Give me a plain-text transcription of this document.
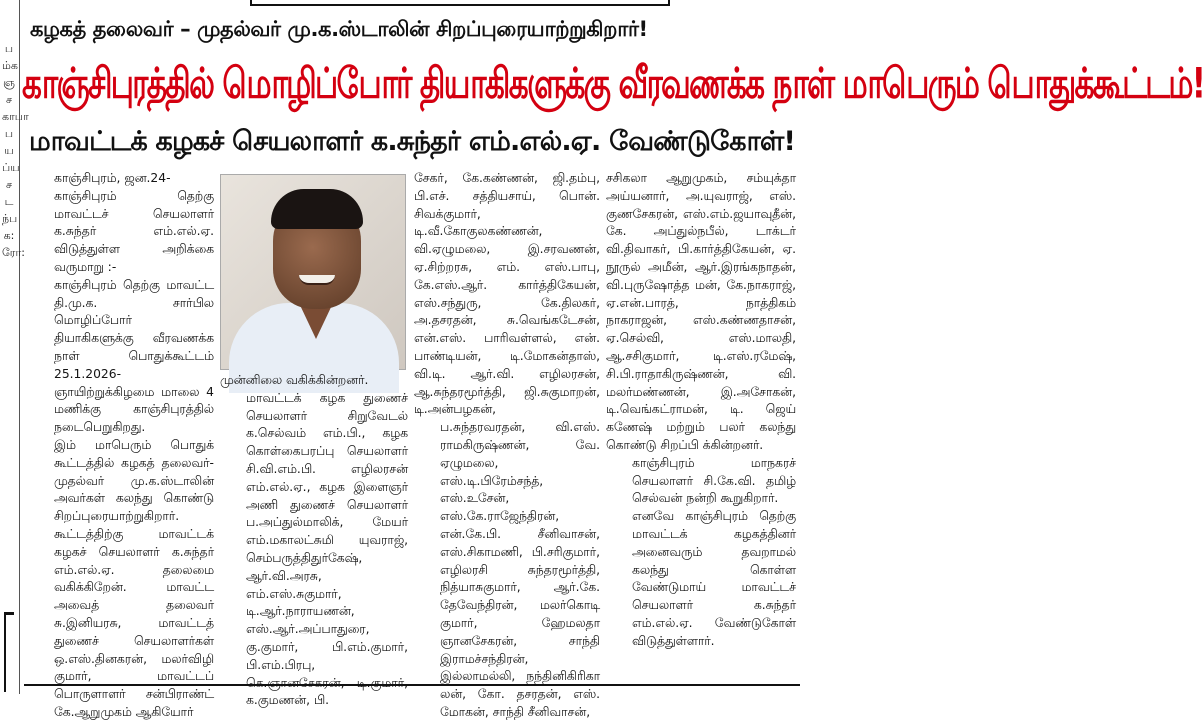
பம்கஞசகாபாபயப்யசடந்பக:ரோ:
கழகத் தலைவர் – முதல்வர் மு.க.ஸ்டாலின் சிறப்புரையாற்றுகிறார்!
காஞ்சிபுரத்தில் மொழிப்போர் தியாகிகளுக்கு வீரவணக்க நாள் மாபெரும் பொதுக்கூட்டம்!
மாவட்டக் கழகச் செயலாளர் க.சுந்தர் எம்.எல்.ஏ. வேண்டுகோள்!

காஞ்சிபுரம், ஜன.24-

காஞ்சிபுரம் தெற்கு மாவட்டச் செயலாளர் க.சுந்தர் எம்.எல்.ஏ. விடுத்துள்ள அறிக்கை வருமாறு :-

காஞ்சிபுரம் தெற்கு மாவட்ட தி.மு.க. சார்பில மொழிப்போர் தியாகிகளுக்கு வீரவணக்க நாள் பொதுக்கூட்டம் 25.1.2026-ஞாயிற்றுக்கிழமை மாலை 4 மணிக்கு காஞ்சிபுரத்தில் நடைபெறுகிறது.

இம் மாபெரும் பொதுக் கூட்டத்தில் கழகத் தலைவர்-முதல்வர் மு.க.ஸ்டாலின் அவர்கள் கலந்து கொண்டு சிறப்புரையாற்றுகிறார்.

கூட்டத்திற்கு மாவட்டக் கழகச் செயலாளர் க.சுந்தர் எம்.எல்.ஏ. தலைமை வகிக்கிறேன். மாவட்ட அவைத் தலைவர் சு.இனியரசு, மாவட்டத் துணைச் செயலாளர்கள் ஒ.எஸ்.தினகரன், மலர்விழி குமார், மாவட்டப் பொருளாளர் சன்பிராண்ட் கே.ஆறுமுகம் ஆகியோர்

முன்னிலை வகிக்கின்றனர்.

மாவட்டக் கழக துணைச் செயலாளர் சிறுவேடல் க.செல்வம் எம்.பி., கழக கொள்கைபரப்பு செயலாளர் சி.வி.எம்.பி. எழிலரசன் எம்.எல்.ஏ., கழக இளைஞர் அணி துணைச் செயலாளர் ப.அப்துல்மாலிக், மேயர் எம்.மகாலட்சுமி யுவராஜ், செம்பருத்திதுர்கேஷ், ஆர்.வி.அரசு, எம்.எஸ்.சுகுமார், டி.ஆர்.நாராயணன், எஸ்.ஆர்.அப்பாதுரை, கு.குமார், பி.எம்.குமார், பி.எம்.பிரபு, கெ.ஞானசேகரன், டி.குமார், க.குமணன், பி.

சேகர், கே.கண்ணன், ஜி.தம்பு, பி.எச். சத்தியசாய், பொன். சிவக்குமார், டி.வீ.கோகுலகண்ணன், வி.ஏழுமலை, இ.சரவணன், ஏ.சிற்றரசு, எம். எஸ்.பாபு, கே.எஸ்.ஆர். கார்த்திகேயன், எஸ்.சந்துரு, கே.திலகர், அ.தசரதன், சு.வெங்கடேசன், என்.எஸ். பாரிவள்ளல், என். பாண்டியன், டி.மோகன்தாஸ், வி.டி. ஆர்.வி. எழிலரசன், ஆ.சுந்தரமூர்த்தி, ஜி.சுகுமாறன், டி.அன்பழகன்,

ப.சுந்தரவரதன், வி.எஸ். ராமகிருஷ்ணன், வே. ஏழுமலை, எஸ்.டி.பிரேம்சந்த், எஸ்.உசேன், எஸ்.கே.ராஜேந்திரன், என்.கே.பி. சீனிவாசன், எஸ்.சிகாமணி, பி.சரிகுமார், எழிலரசி சுந்தரமூர்த்தி, நித்யாசுகுமார், ஆர்.கே. தேவேந்திரன், மலர்கொடி குமார், ஹேமலதா ஞானசேகரன், சாந்தி இராமச்சந்திரன், இல்லாமல்லி, நந்தினிகிரிகா லன், கோ. தசரதன், எஸ். மோகன், சாந்தி சீனிவாசன்,

சசிகலா ஆறுமுகம், சம்யுக்தா அய்யனார், அ.யுவராஜ், எஸ். குணசேகரன், எஸ்.எம்.ஜயாவுதீன், கே. அப்துல்நபீல், டாக்டர் வி.திவாகர், பி.கார்த்திகேயன், ஏ. நூருல் அமீன், ஆர்.இரங்கநாதன், வி.புருஷோத்த மன், கே.நாகராஜ், ஏ.என்.பாரத், நாத்திகம் நாகராஜன், எஸ்.கண்ணதாசன், ஏ.செல்வி, எஸ்.மாலதி, ஆ.சசிகுமார், டி.எஸ்.ரமேஷ், சி.பி.ராதாகிருஷ்ணன், வி. மலர்மண்ணன், இ.அசோகன், டி.வெங்கட்ராமன், டி. ஜெய் கணேஷ் மற்றும் பலர் கலந்து கொண்டு சிறப்பி க்கின்றனர்.

காஞ்சிபுரம் மாநகரச் செயலாளர் சி.கே.வி. தமிழ் செல்வன் நன்றி கூறுகிறார்.

எனவே காஞ்சிபுரம் தெற்கு மாவட்டக் கழகத்தினர் அனைவரும் தவறாமல் கலந்து கொள்ள வேண்டுமாய் மாவட்டச் செயலாளர் க.சுந்தர் எம்.எல்.ஏ. வேண்டுகோள் விடுத்துள்ளார்.
